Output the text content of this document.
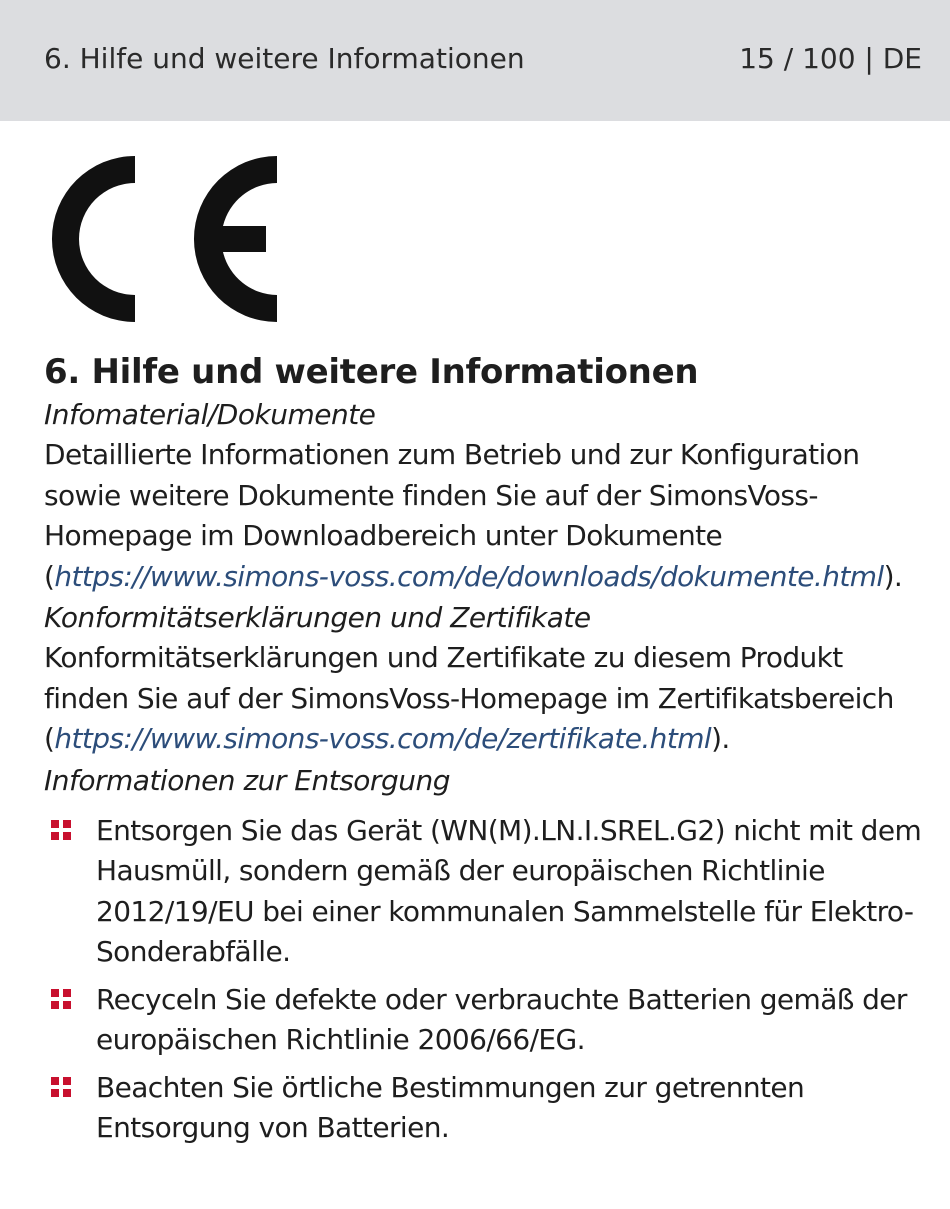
6. Hilfe und weitere Informationen	15 / 100 | DE
6. Hilfe und weitere Informationen

Infomaterial/Dokumente

Detaillierte Informationen zum Betrieb und zur Konfiguration sowie weitere Dokumente finden Sie auf der SimonsVoss-Homepage im Downloadbereich unter Dokumente (https://www.simons-voss.com/de/downloads/dokumente.html).

Konformitätserklärungen und Zertifikate

Konformitätserklärungen und Zertifikate zu diesem Produkt finden Sie auf der SimonsVoss-Homepage im Zertifikatsbereich (https://www.simons-voss.com/de/zertifikate.html).

Informationen zur Entsorgung

Entsorgen Sie das Gerät (WN(M).LN.I.SREL.G2) nicht mit dem Hausmüll, sondern gemäß der europäischen Richtlinie 2012/19/EU bei einer kommunalen Sammelstelle für Elektro-Sonderabfälle.
Recyceln Sie defekte oder verbrauchte Batterien gemäß der europäischen Richtlinie 2006/66/EG.
Beachten Sie örtliche Bestimmungen zur getrennten Entsorgung von Batterien.
